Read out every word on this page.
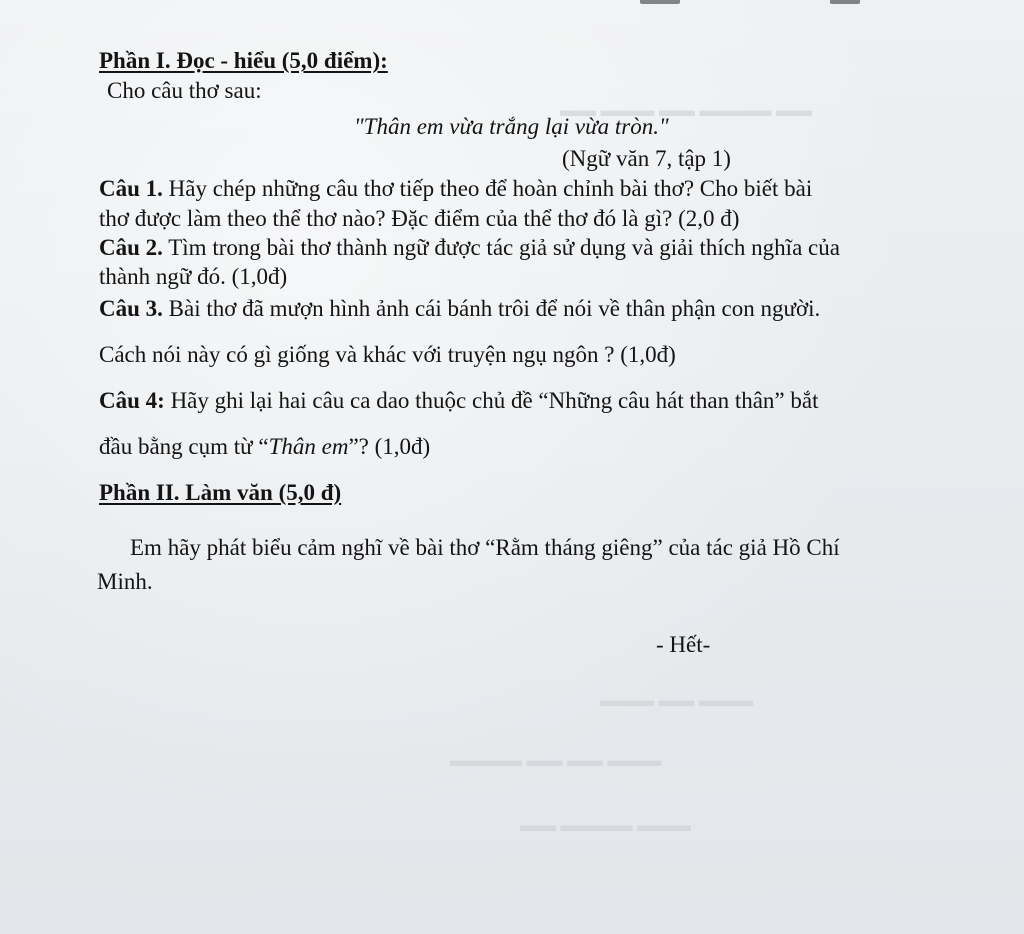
▬▬ ▬▬▬ ▬▬ ▬▬▬▬ ▬▬
▬▬▬ ▬▬ ▬▬▬
▬▬▬▬ ▬▬ ▬▬ ▬▬▬
▬▬ ▬▬▬▬ ▬▬▬
Phần I. Đọc - hiểu (5,0 điểm):
Cho câu thơ sau:
"Thân em vừa trắng lại vừa tròn."
(Ngữ văn 7, tập 1)
Câu 1. Hãy chép những câu thơ tiếp theo để hoàn chỉnh bài thơ? Cho biết bài
thơ được làm theo thể thơ nào? Đặc điểm của thể thơ đó là gì? (2,0 đ)
Câu 2. Tìm trong bài thơ thành ngữ được tác giả sử dụng và giải thích nghĩa của
thành ngữ đó. (1,0đ)
Câu 3. Bài thơ đã mượn hình ảnh cái bánh trôi để nói về thân phận con người.
Cách nói này có gì giống và khác với truyện ngụ ngôn ? (1,0đ)
Câu 4: Hãy ghi lại hai câu ca dao thuộc chủ đề “Những câu hát than thân” bắt
đầu bằng cụm từ “Thân em”? (1,0đ)
Phần II. Làm văn (5,0 đ)
Em hãy phát biểu cảm nghĩ về bài thơ “Rằm tháng giêng” của tác giả Hồ Chí
Minh.
- Hết-
